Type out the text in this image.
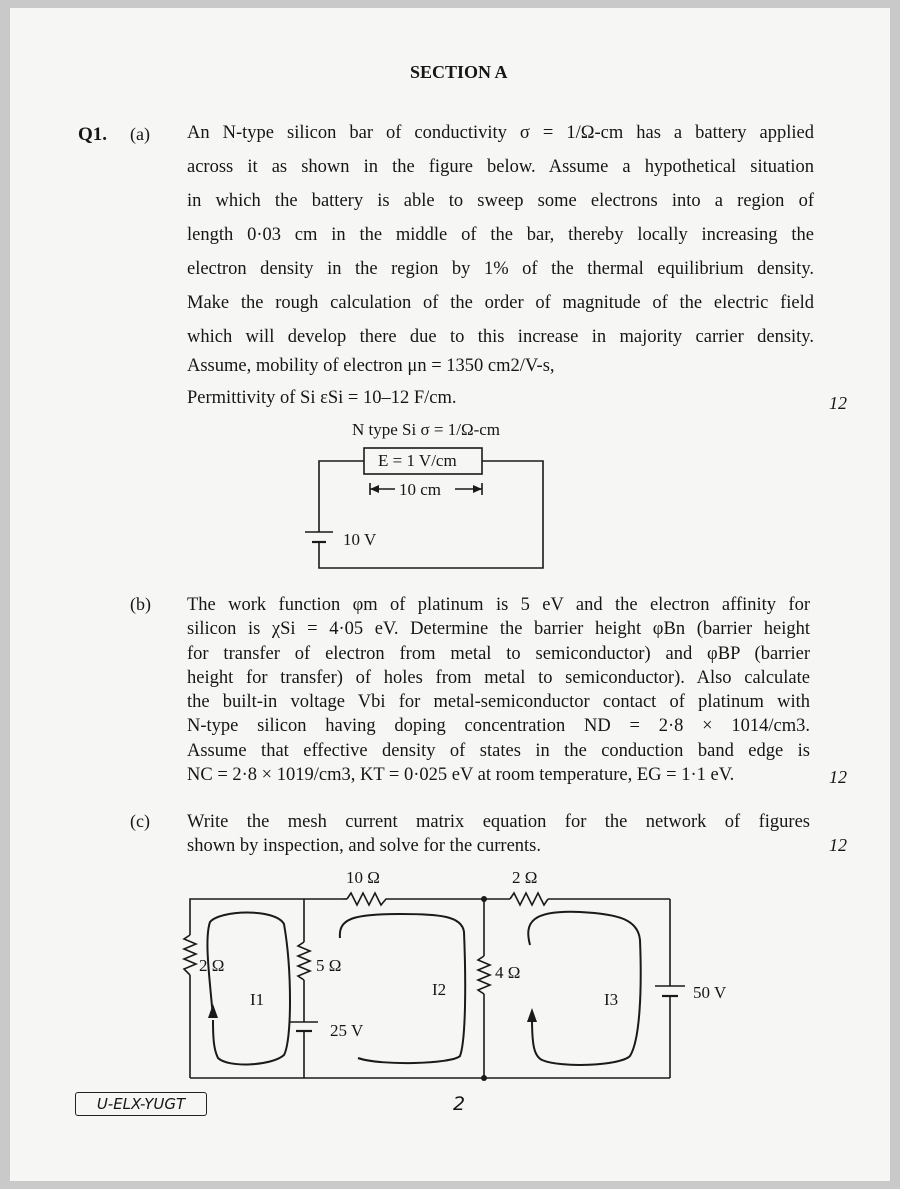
SECTION A
Q1. (a) An N-type silicon bar of conductivity σ = 1/Ω-cm has a battery applied
across it as shown in the figure below. Assume a hypothetical situation
in which the battery is able to sweep some electrons into a region of
length 0·03 cm in the middle of the bar, thereby locally increasing the
electron density in the region by 1% of the thermal equilibrium density.
Make the rough calculation of the order of magnitude of the electric field
which will develop there due to this increase in majority carrier density.
Assume, mobility of electron μn = 1350 cm2/V-s,
Permittivity of Si εSi = 10–12 F/cm.	12
N type Si σ = 1/Ω-cm
E = 1 V/cm
10 cm
10 V
(b) The work function φm of platinum is 5 eV and the electron affinity for
silicon is χSi = 4·05 eV. Determine the barrier height φBn (barrier height
for transfer of electron from metal to semiconductor) and φBP (barrier
height for transfer) of holes from metal to semiconductor). Also calculate
the built-in voltage Vbi for metal-semiconductor contact of platinum with
N-type silicon having doping concentration ND = 2·8 × 1014/cm3.
Assume that effective density of states in the conduction band edge is
NC = 2·8 × 1019/cm3, KT = 0·025 eV at room temperature, EG = 1·1 eV.	12
(c) Write the mesh current matrix equation for the network of figures
shown by inspection, and solve for the currents.	12
10 Ω	2 Ω
2 Ω	5 Ω	4 Ω
25 V
50 V
I1
I2
I3
U-ELX-YUGT	2
